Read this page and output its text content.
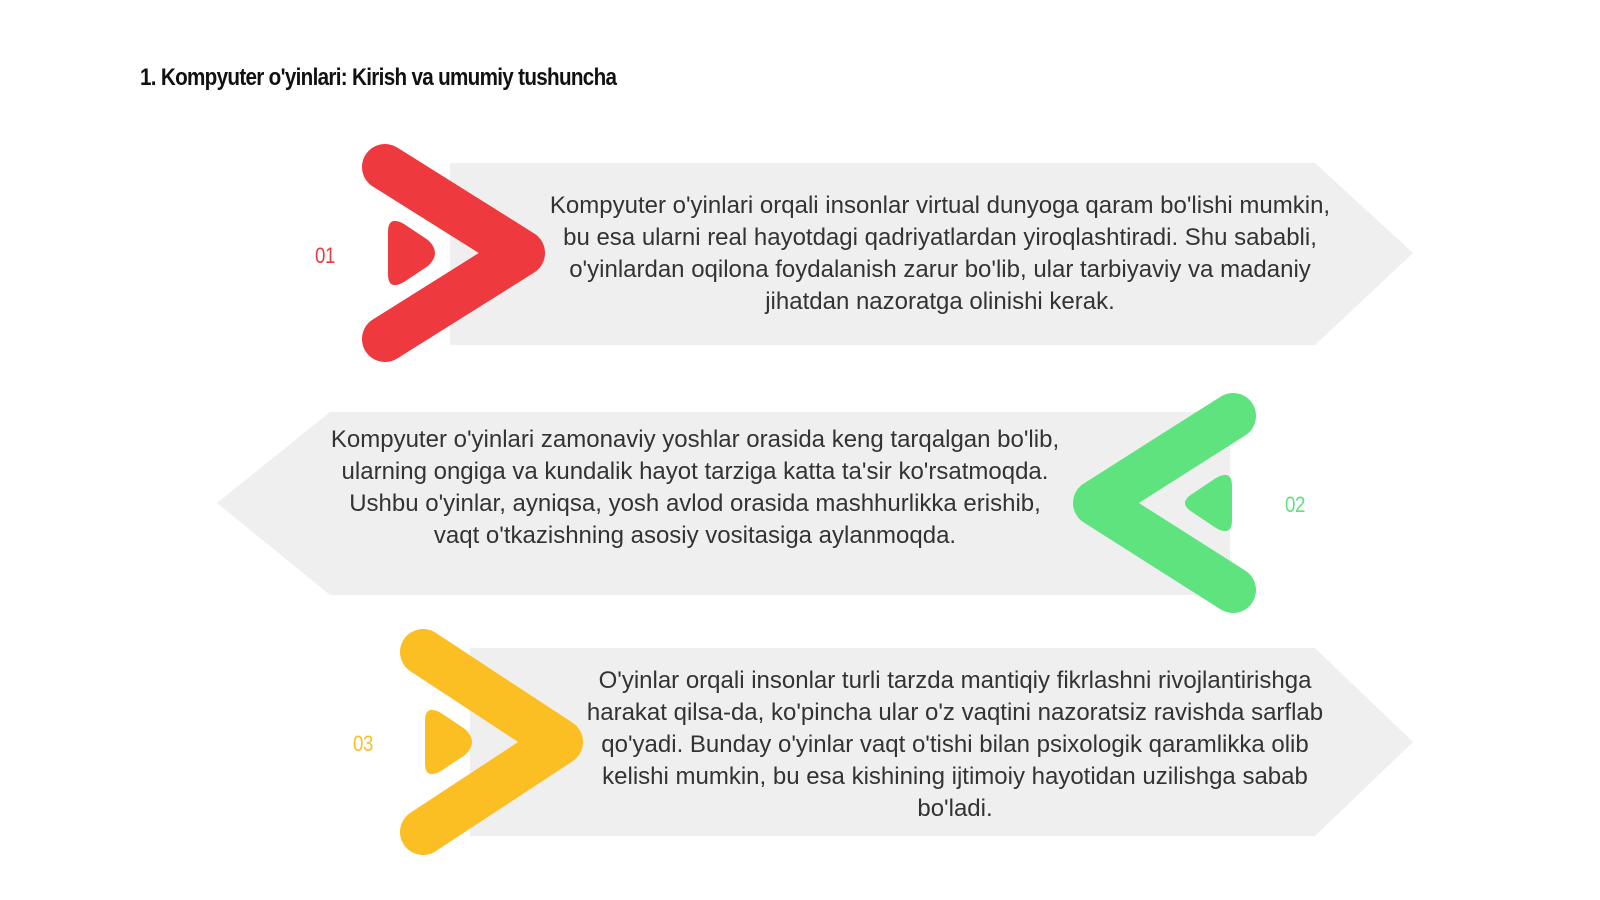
1. Kompyuter o'yinlari: Kirish va umumiy tushuncha
01

Kompyuter o'yinlari orqali insonlar virtual dunyoga qaram bo'lishi mumkin, bu esa ularni real hayotdagi qadriyatlardan yiroqlashtiradi. Shu sababli, o'yinlardan oqilona foydalanish zarur bo'lib, ular tarbiyaviy va madaniy jihatdan nazoratga olinishi kerak.

Kompyuter o'yinlari zamonaviy yoshlar orasida keng tarqalgan bo'lib, ularning ongiga va kundalik hayot tarziga katta ta'sir ko'rsatmoqda. Ushbu o'yinlar, ayniqsa, yosh avlod orasida mashhurlikka erishib, vaqt o'tkazishning asosiy vositasiga aylanmoqda.

02
03

O'yinlar orqali insonlar turli tarzda mantiqiy fikrlashni rivojlantirishga harakat qilsa-da, ko'pincha ular o'z vaqtini nazoratsiz ravishda sarflab qo'yadi. Bunday o'yinlar vaqt o'tishi bilan psixologik qaramlikka olib kelishi mumkin, bu esa kishining ijtimoiy hayotidan uzilishga sabab bo'ladi.
